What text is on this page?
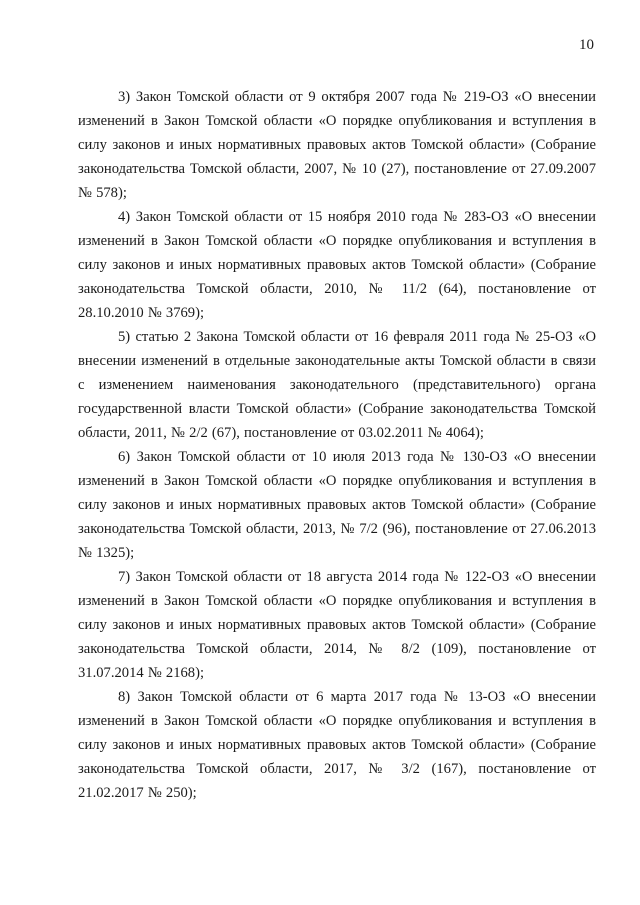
10

3) Закон Томской области от 9 октября 2007 года № 219-ОЗ «О внесении изменений в Закон Томской области «О порядке опубликования и вступления в силу законов и иных нормативных правовых актов Томской области» (Собрание законодательства Томской области, 2007, № 10 (27), постановление от 27.09.2007 № 578);

4) Закон Томской области от 15 ноября 2010 года № 283-ОЗ «О внесении изменений в Закон Томской области «О порядке опубликования и вступления в силу законов и иных нормативных правовых актов Томской области» (Собрание законодательства Томской области, 2010, № 11/2 (64), постановление от 28.10.2010 № 3769);

5) статью 2 Закона Томской области от 16 февраля 2011 года № 25-ОЗ «О внесении изменений в отдельные законодательные акты Томской области в связи с изменением наименования законодательного (представительного) органа государственной власти Томской области» (Собрание законодательства Томской области, 2011, № 2/2 (67), постановление от 03.02.2011 № 4064);

6) Закон Томской области от 10 июля 2013 года № 130-ОЗ «О внесении изменений в Закон Томской области «О порядке опубликования и вступления в силу законов и иных нормативных правовых актов Томской области» (Собрание законодательства Томской области, 2013, № 7/2 (96), постановление от 27.06.2013 № 1325);

7) Закон Томской области от 18 августа 2014 года № 122-ОЗ «О внесении изменений в Закон Томской области «О порядке опубликования и вступления в силу законов и иных нормативных правовых актов Томской области» (Собрание законодательства Томской области, 2014, № 8/2 (109), постановление от 31.07.2014 № 2168);

8) Закон Томской области от 6 марта 2017 года № 13-ОЗ «О внесении изменений в Закон Томской области «О порядке опубликования и вступления в силу законов и иных нормативных правовых актов Томской области» (Собрание законодательства Томской области, 2017, № 3/2 (167), постановление от 21.02.2017 № 250);
